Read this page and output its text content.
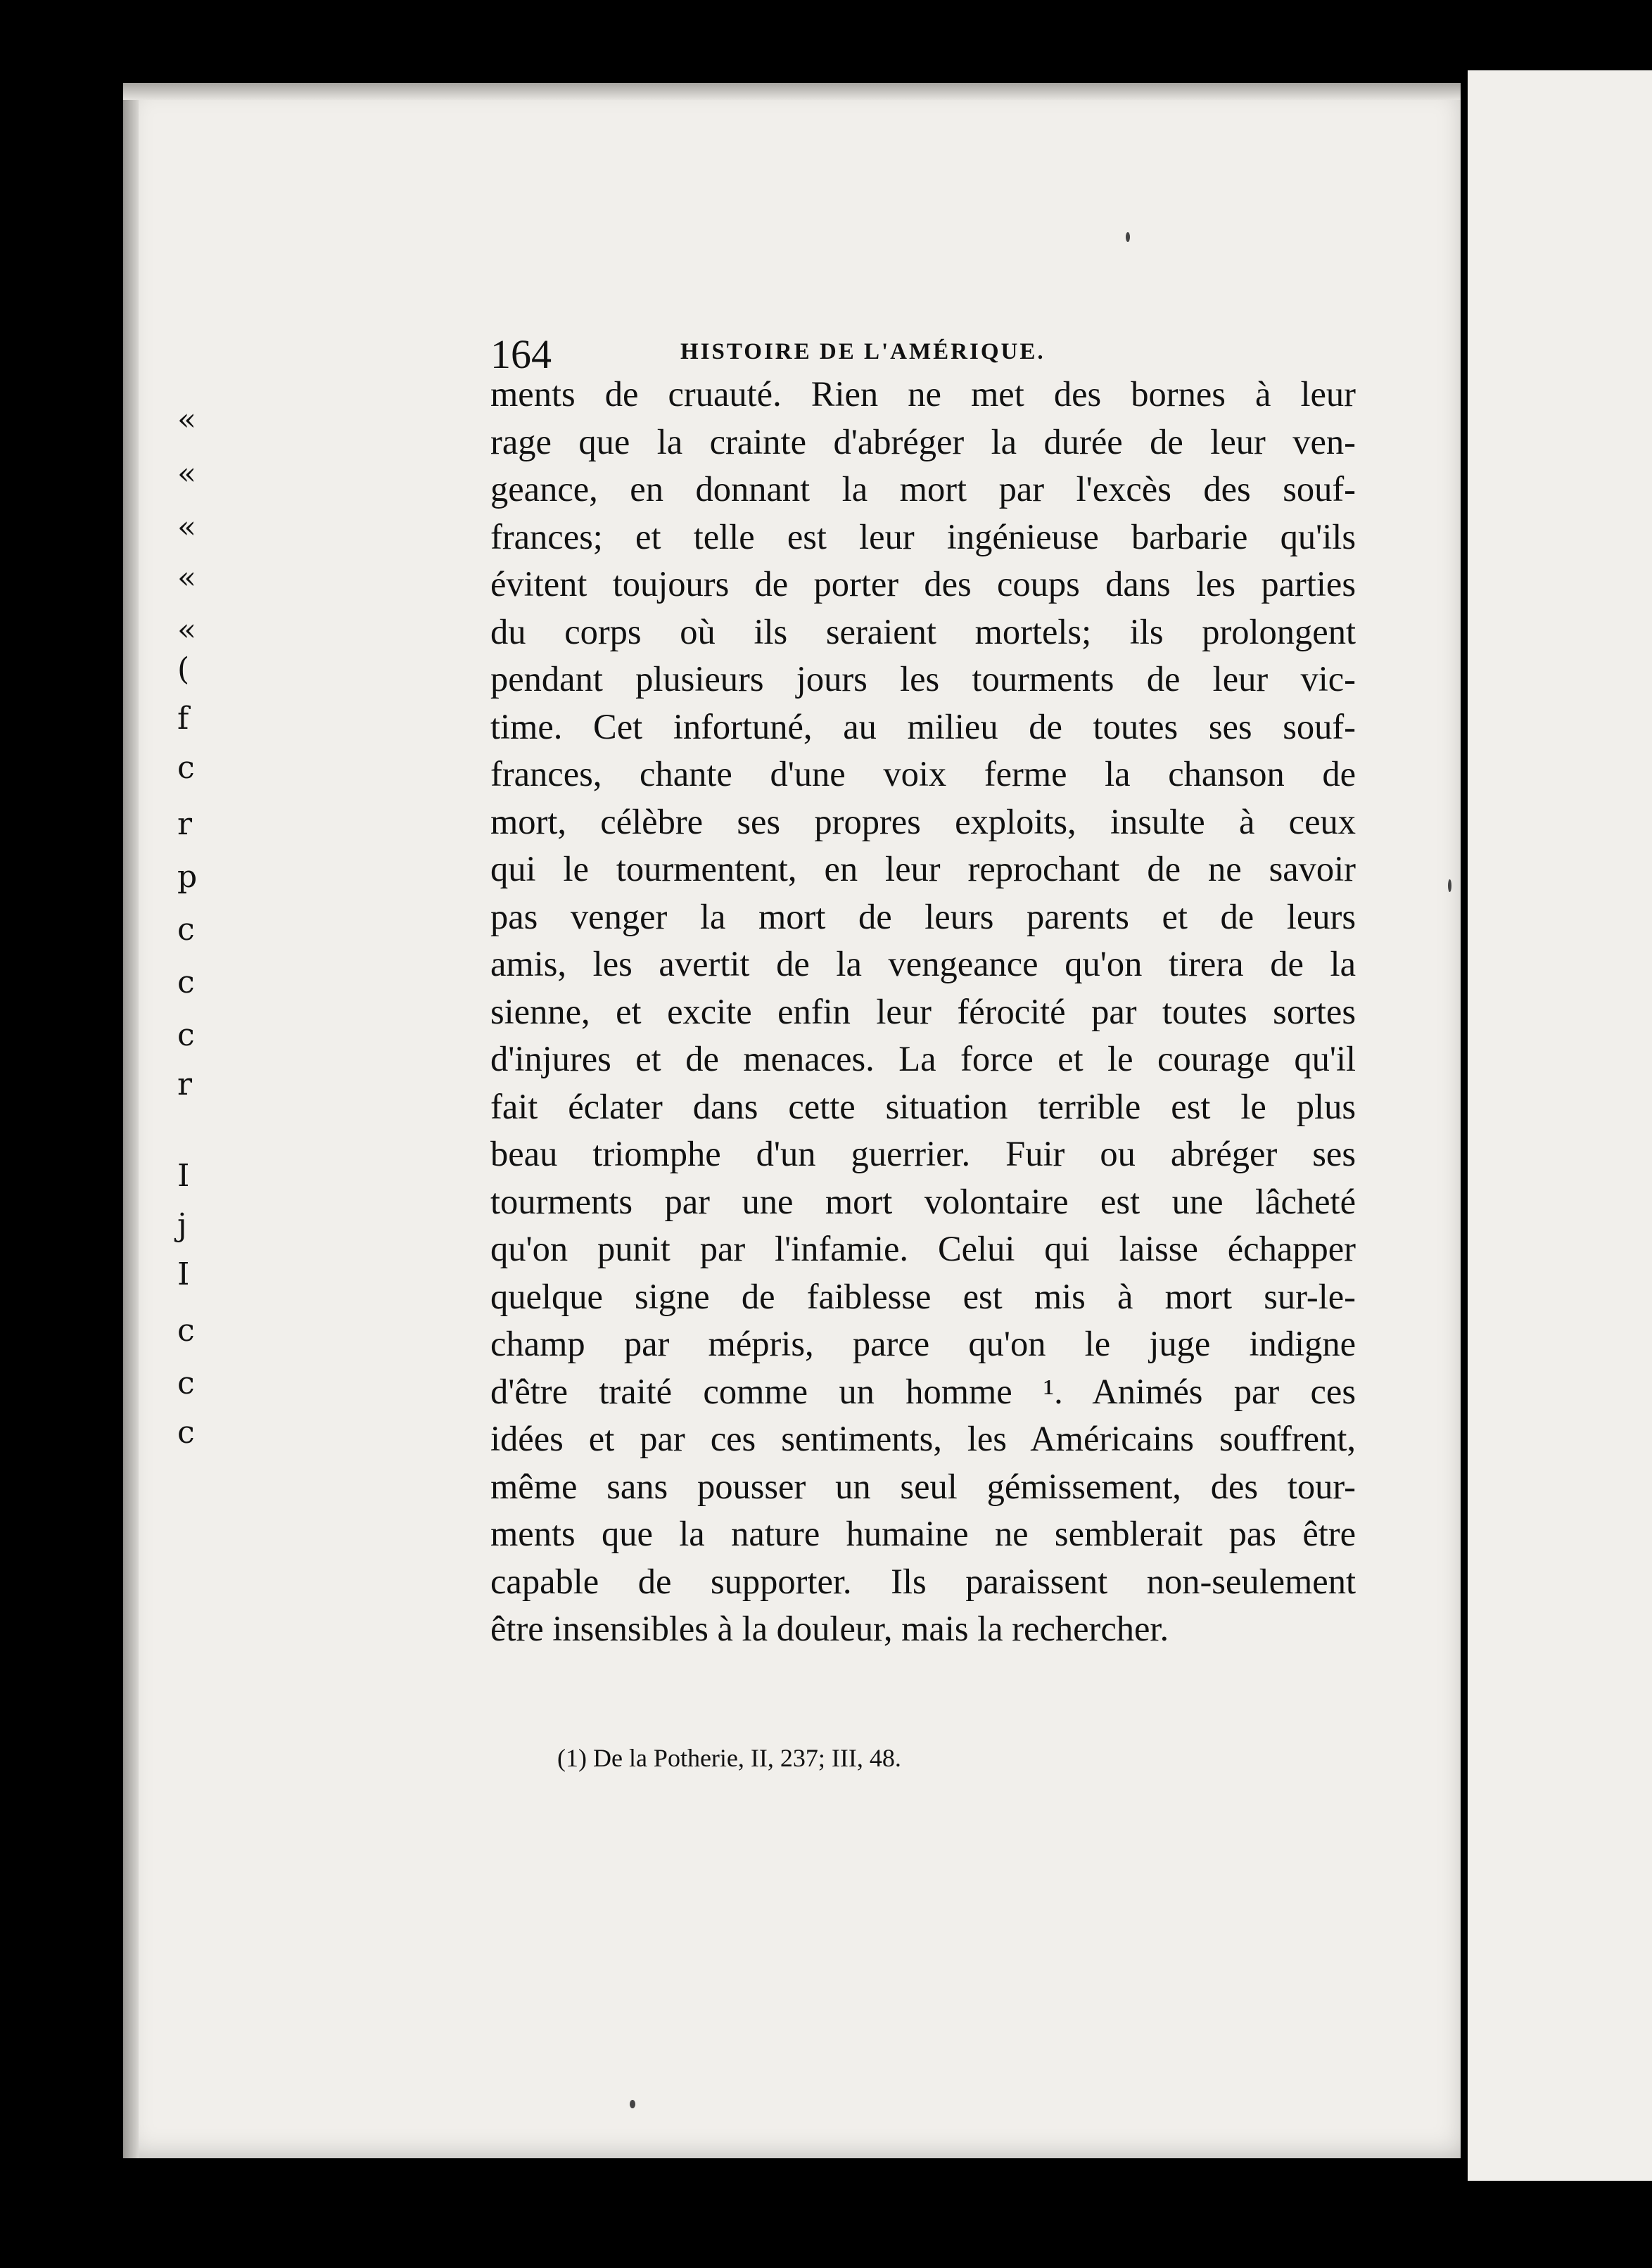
164	HISTOIRE DE L'AMÉRIQUE.
ments de cruauté. Rien ne met des bornes à leur
rage que la crainte d'abréger la durée de leur ven-
geance, en donnant la mort par l'excès des souf-
frances; et telle est leur ingénieuse barbarie qu'ils
évitent toujours de porter des coups dans les parties
du corps où ils seraient mortels; ils prolongent
pendant plusieurs jours les tourments de leur vic-
time. Cet infortuné, au milieu de toutes ses souf-
frances, chante d'une voix ferme la chanson de
mort, célèbre ses propres exploits, insulte à ceux
qui le tourmentent, en leur reprochant de ne savoir
pas venger la mort de leurs parents et de leurs
amis, les avertit de la vengeance qu'on tirera de la
sienne, et excite enfin leur férocité par toutes sortes
d'injures et de menaces. La force et le courage qu'il
fait éclater dans cette situation terrible est le plus
beau triomphe d'un guerrier. Fuir ou abréger ses
tourments par une mort volontaire est une lâcheté
qu'on punit par l'infamie. Celui qui laisse échapper
quelque signe de faiblesse est mis à mort sur-le-
champ par mépris, parce qu'on le juge indigne
d'être traité comme un homme ¹. Animés par ces
idées et par ces sentiments, les Américains souffrent,
même sans pousser un seul gémissement, des tour-
ments que la nature humaine ne semblerait pas être
capable de supporter. Ils paraissent non-seulement
être insensibles à la douleur, mais la rechercher.
(1) De la Potherie, II, 237; III, 48.
«
«
«
«
«
(
f
c
r
p
c
c
c
r
I
j
I
c
c
c
